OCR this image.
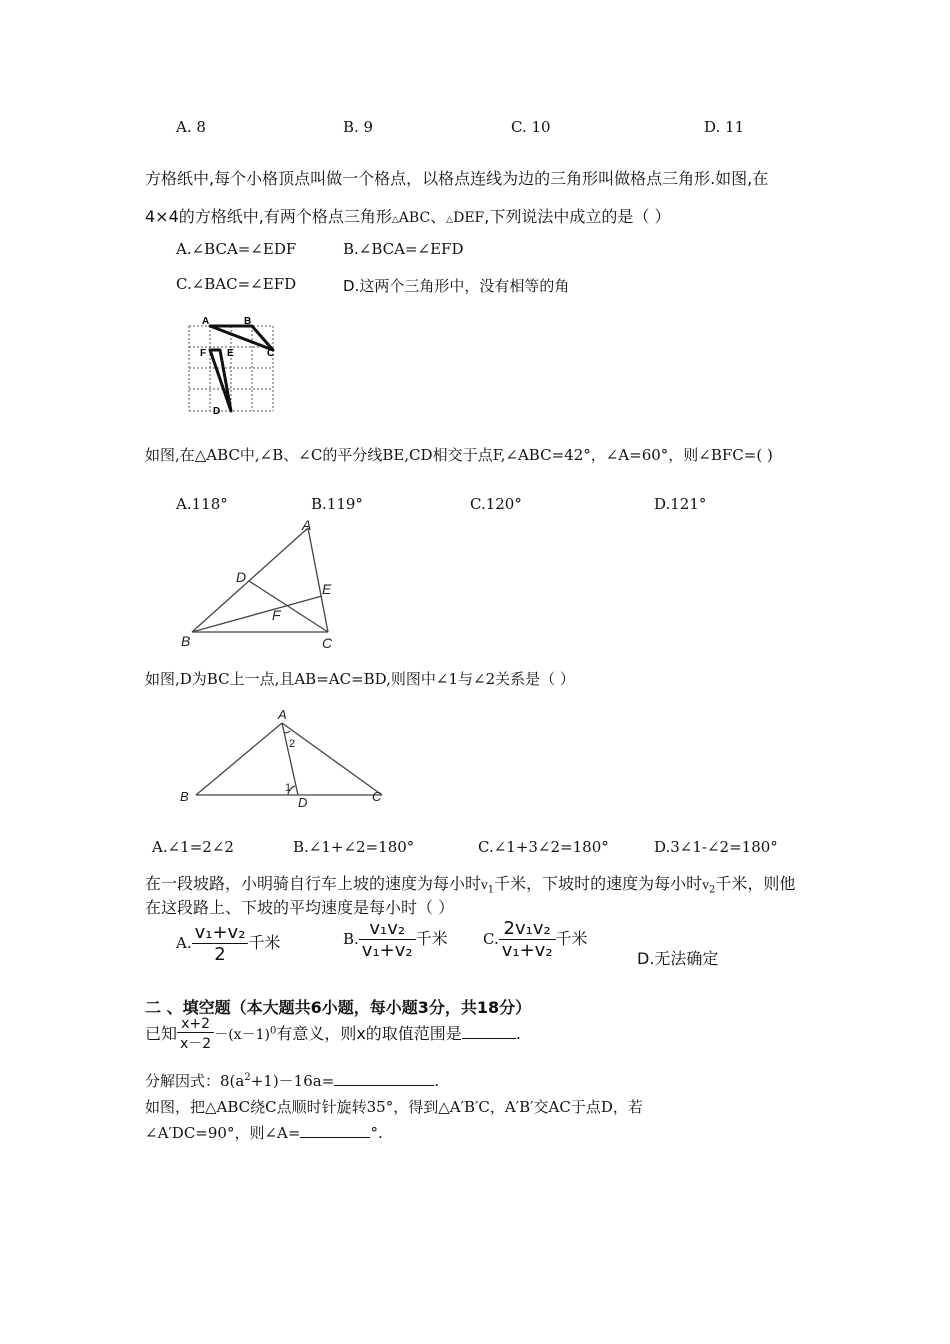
A. 8	B. 9	C. 10	D. 11
方格纸中,每个小格顶点叫做一个格点，以格点连线为边的三角形叫做格点三角形.如图,在
4×4的方格纸中,有两个格点三角形△ABC、△DEF,下列说法中成立的是（ ）
A.∠BCA=∠EDF	B.∠BCA=∠EFD
C.∠BAC=∠EFD	D.这两个三角形中，没有相等的角
A	B
C
F E
D
如图,在△ABC中,∠B、∠C的平分线BE,CD相交于点F,∠ABC=42°，∠A=60°，则∠BFC=( )
A.118°	B.119°	C.120°	D.121°
A
B	C
D
E
F
如图,D为BC上一点,且AB=AC=BD,则图中∠1与∠2关系是（ ）
A
B	C
D
1
2
A.∠1=2∠2	B.∠1+∠2=180°	C.∠1+3∠2=180°	D.3∠1-∠2=180°
在一段坡路，小明骑自行车上坡的速度为每小时$v_1$千米，下坡时的速度为每小时$v_2$千米，则他
在这段路上、下坡的平均速度是每小时（ ）
A. $\frac{\text{v₁+v₂}}{2}$ 千米	B. $\frac{\text{v₁v₂}}{\text{v₁+v₂}}$ 千米 C. $\frac{\text{2v₁v₂}}{\text{v₁+v₂}}$ 千米
D.无法确定
二 、填空题（本大题共6小题，每小题3分，共18分）
已知 $\frac{x+2}{x-2} -(x-1)^0$有意义，则x的取值范围是	.
分解因式：$8(a^2+1)-16a=$	.
如图，把△ABC绕C点顺时针旋转35°，得到△A′B′C，A′B′交AC于点D，若
∠A′DC=90°，则∠A=	°.
